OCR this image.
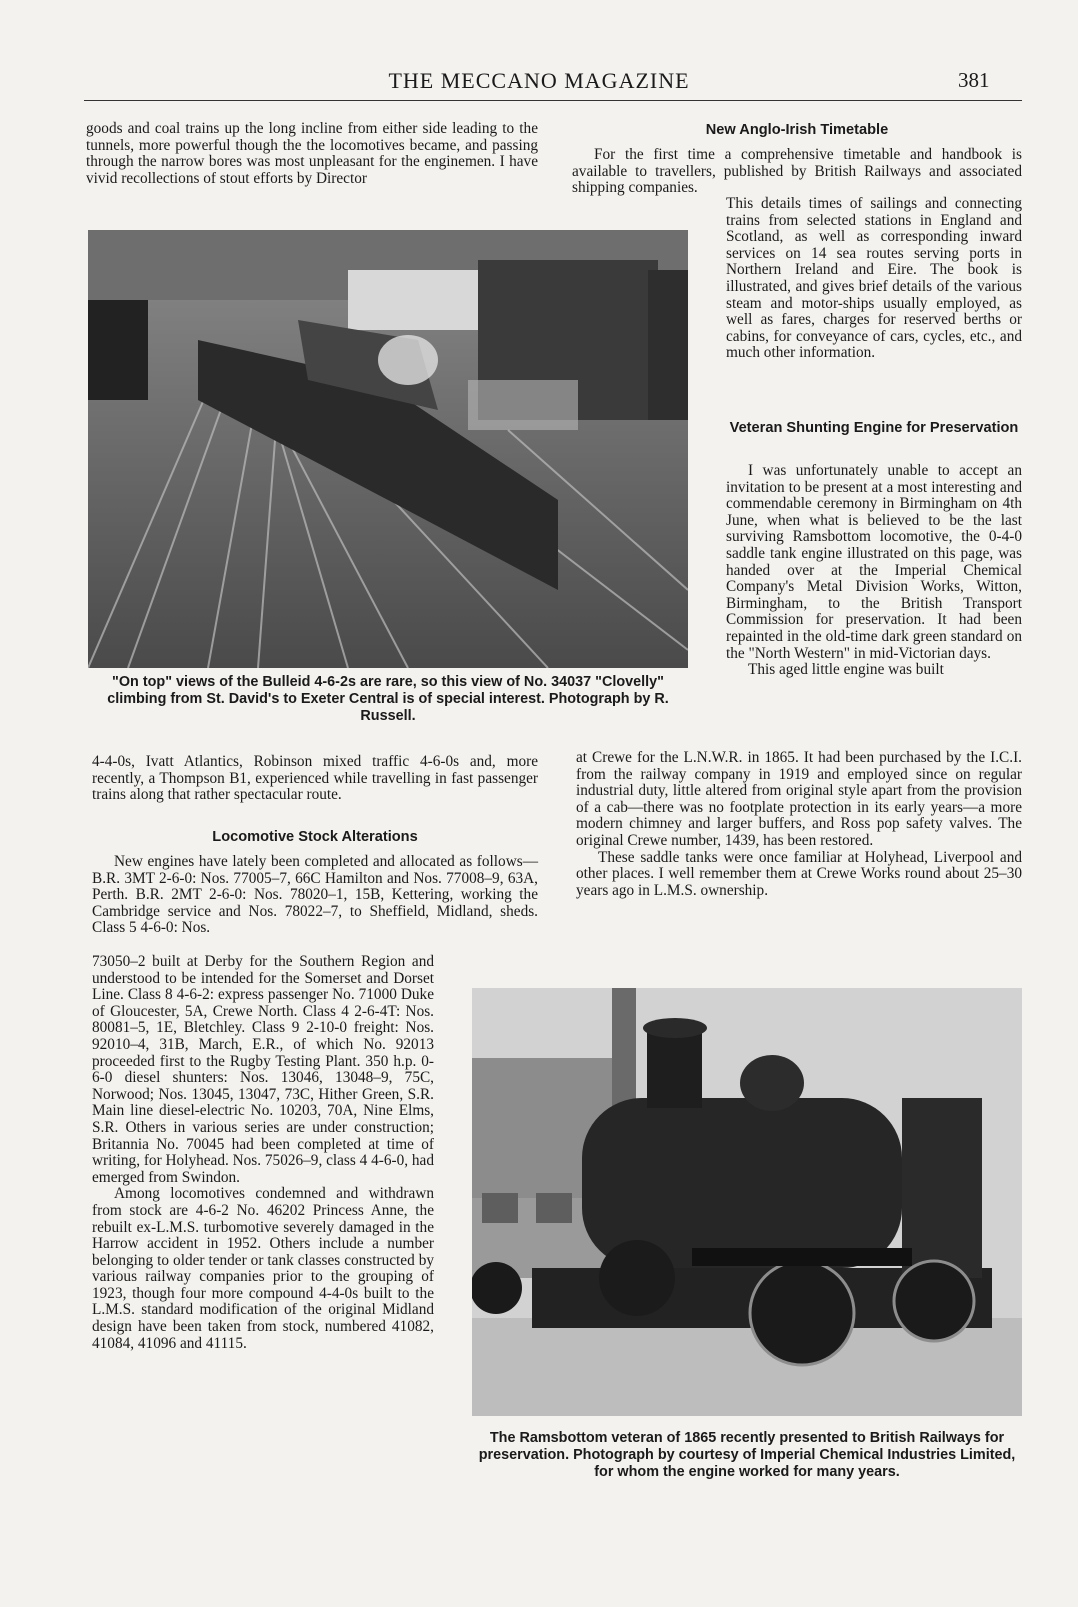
THE MECCANO MAGAZINE	381

goods and coal trains up the long incline from either side leading to the tunnels, more powerful though the the locomotives became, and passing through the narrow bores was most unpleasant for the enginemen. I have vivid recollections of stout efforts by Director

New Anglo-Irish Timetable

For the first time a comprehensive timetable and handbook is available to travellers, published by British Railways and associated shipping companies.

This details times of sailings and connecting trains from selected stations in England and Scotland, as well as corresponding inward services on 14 sea routes serving ports in Northern Ireland and Eire. The book is illustrated, and gives brief details of the various steam and motor-ships usually employed, as well as fares, charges for reserved berths or cabins, for conveyance of cars, cycles, etc., and much other information.

Veteran Shunting Engine for Preservation

I was unfortunately unable to accept an invitation to be present at a most interesting and commendable ceremony in Birmingham on 4th June, when what is believed to be the last surviving Ramsbottom locomotive, the 0-4-0 saddle tank engine illustrated on this page, was handed over at the Imperial Chemical Company's Metal Division Works, Witton, Birmingham, to the British Transport Commission for preservation. It had been repainted in the old-time dark green standard on the "North Western" in mid-Victorian days.

This aged little engine was built

"On top" views of the Bulleid 4-6-2s are rare, so this view of No. 34037 "Clovelly" climbing from St. David's to Exeter Central is of special interest. Photograph by R. Russell.

4-4-0s, Ivatt Atlantics, Robinson mixed traffic 4-6-0s and, more recently, a Thompson B1, experienced while travelling in fast passenger trains along that rather spectacular route.

Locomotive Stock Alterations

New engines have lately been completed and allocated as follows—B.R. 3MT 2-6-0: Nos. 77005–7, 66C Hamilton and Nos. 77008–9, 63A, Perth. B.R. 2MT 2-6-0: Nos. 78020–1, 15B, Kettering, working the Cambridge service and Nos. 78022–7, to Sheffield, Midland, sheds. Class 5 4-6-0: Nos.

73050–2 built at Derby for the Southern Region and understood to be intended for the Somerset and Dorset Line. Class 8 4-6-2: express passenger No. 71000 Duke of Gloucester, 5A, Crewe North. Class 4 2-6-4T: Nos. 80081–5, 1E, Bletchley. Class 9 2-10-0 freight: Nos. 92010–4, 31B, March, E.R., of which No. 92013 proceeded first to the Rugby Testing Plant. 350 h.p. 0-6-0 diesel shunters: Nos. 13046, 13048–9, 75C, Norwood; Nos. 13045, 13047, 73C, Hither Green, S.R. Main line diesel-electric No. 10203, 70A, Nine Elms, S.R. Others in various series are under construction; Britannia No. 70045 had been completed at time of writing, for Holyhead. Nos. 75026–9, class 4 4-6-0, had emerged from Swindon.

Among locomotives condemned and withdrawn from stock are 4-6-2 No. 46202 Princess Anne, the rebuilt ex-L.M.S. turbomotive severely damaged in the Harrow accident in 1952. Others include a number belonging to older tender or tank classes constructed by various railway companies prior to the grouping of 1923, though four more compound 4-4-0s built to the L.M.S. standard modification of the original Midland design have been taken from stock, numbered 41082, 41084, 41096 and 41115.

at Crewe for the L.N.W.R. in 1865. It had been purchased by the I.C.I. from the railway company in 1919 and employed since on regular industrial duty, little altered from original style apart from the provision of a cab—there was no footplate protection in its early years—a more modern chimney and larger buffers, and Ross pop safety valves. The original Crewe number, 1439, has been restored.

These saddle tanks were once familiar at Holyhead, Liverpool and other places. I well remember them at Crewe Works round about 25–30 years ago in L.M.S. ownership.

The Ramsbottom veteran of 1865 recently presented to British Railways for preservation. Photograph by courtesy of Imperial Chemical Industries Limited, for whom the engine worked for many years.
